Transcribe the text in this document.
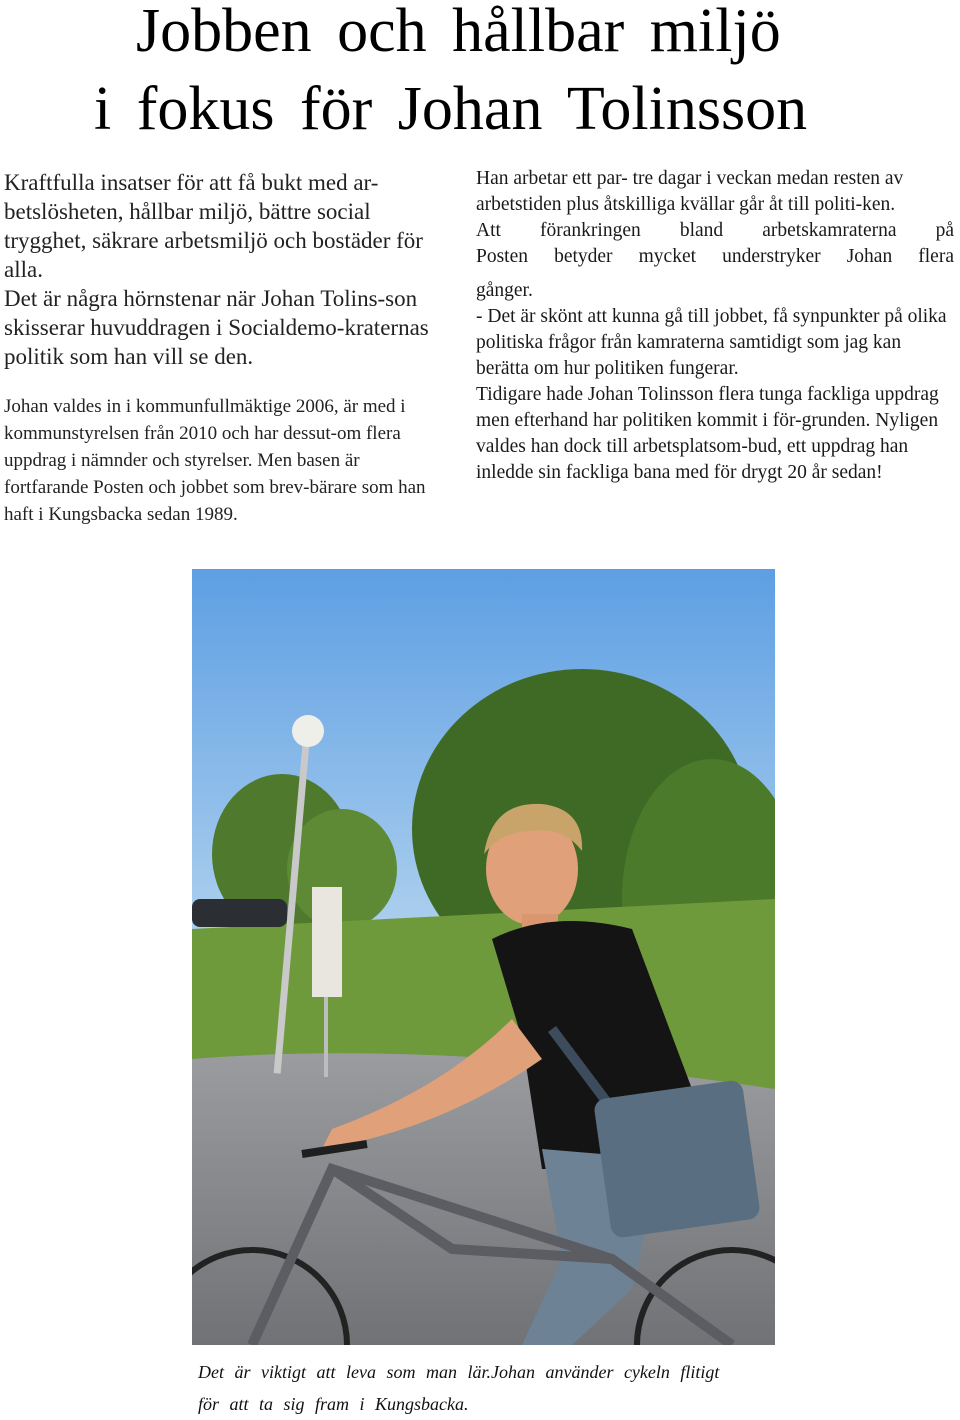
Jobben och hållbar miljö
i fokus för Johan Tolinsson

Kraftfulla insatser för att få bukt med ar-betslösheten, hållbar miljö, bättre social trygghet, säkrare arbetsmiljö och bostäder för alla.
Det är några hörnstenar när Johan Tolins-son skisserar huvuddragen i Socialdemo-kraternas politik som han vill se den.

Johan valdes in i kommunfullmäktige 2006, är med i kommunstyrelsen från 2010 och har dessut-om flera uppdrag i nämnder och styrelser. Men basen är fortfarande Posten och jobbet som brev-bärare som han haft i Kungsbacka sedan 1989.

Han arbetar ett par- tre dagar i veckan medan resten av arbetstiden plus åtskilliga kvällar går åt till politi-ken.

Att förankringen bland arbetskamraterna på

Posten betyder mycket understryker Johan flera

gånger.

- Det är skönt att kunna gå till jobbet, få synpunkter på olika politiska frågor från kamraterna samtidigt som jag kan berätta om hur politiken fungerar.

Tidigare hade Johan Tolinsson flera tunga fackliga uppdrag men efterhand har politiken kommit i för-grunden. Nyligen valdes han dock till arbetsplatsom-bud, ett uppdrag han inledde sin fackliga bana med för drygt 20 år sedan!

Det är viktigt att leva som man lär.Johan använder cykeln flitigt
för att ta sig fram i Kungsbacka.
